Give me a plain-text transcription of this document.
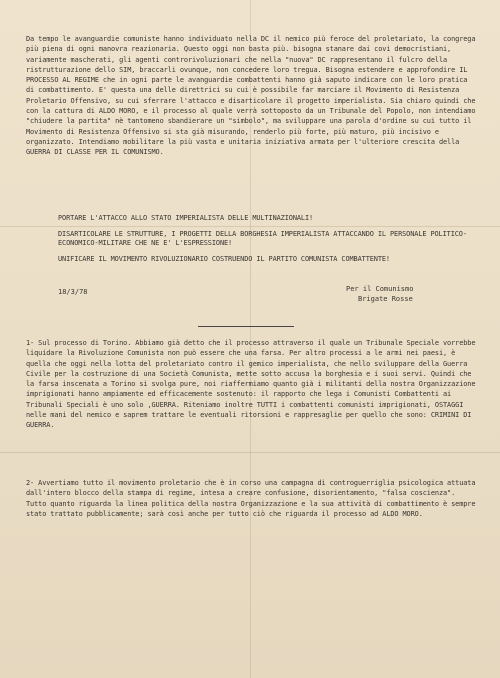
Da tempo le avanguardie comuniste hanno individuato nella DC il nemico più feroce del proletariato, la congrega più piena di ogni manovra reazionaria. Questo oggi non basta più. bisogna stanare dai covi democristiani, variamente mascherati, gli agenti controrivoluzionari che nella "nuova" DC rappresentano il fulcro della ristrutturazione dello SIM, braccarli ovunque, non concedere loro tregua. Bisogna estendere e approfondire IL PROCESSO AL REGIME che in ogni parte le avanguardie combattenti hanno già saputo indicare con le loro pratica di combattimento. E' questa una delle direttrici su cui è possibile far marciare il Movimento di Resistenza Proletario Offensivo, su cui sferrare l'attacco e disarticolare il progetto imperialista. Sia chiaro quindi che con la cattura di ALDO MORO, e il processo al quale verrà sottoposto da un Tribunale del Popolo, non intendiamo "chiudere la partita" nè tantomeno sbandierare un "simbolo", ma sviluppare una parola d'ordine su cui tutto il Movimento di Resistenza Offensivo si sta già misurando, renderlo più forte, più maturo, più incisivo e organizzato. Intendiamo mobilitare la più vasta e unitaria iniziativa armata per l'ulteriore crescita della GUERRA DI CLASSE PER IL COMUNISMO.
PORTARE L'ATTACCO ALLO STATO IMPERIALISTA DELLE MULTINAZIONALI!
DISARTICOLARE LE STRUTTURE, I PROGETTI DELLA BORGHESIA IMPERIALISTA ATTACCANDO IL PERSONALE POLITICO-ECONOMICO-MILITARE CHE NE E' L'ESPRESSIONE!
UNIFICARE IL MOVIMENTO RIVOLUZIONARIO COSTRUENDO IL PARTITO COMUNISTA COMBATTENTE!
18/3/78	Per il Comunismo
Brigate Rosse
1- Sul processo di Torino. Abbiamo già detto che il processo attraverso il quale un Tribunale Speciale vorrebbe liquidare la Rivoluzione Comunista non può essere che una farsa. Per altro processi a le armi nei paesi, è quella che oggi nella lotta del proletariato contro il gemico imperialista, che nello sviluppare della Guerra Civile per la costruzione di una Società Comunista, mette sotto accusa la borghesia e i suoi servi. Quindi che la farsa inscenata a Torino si svolga pure, noi riaffermiamo quanto già i militanti della nostra Organizzazione imprigionati hanno ampiamente ed efficacemente sostenuto: il rapporto che lega i Comunisti Combattenti ai Tribunali Speciali è uno solo ,GUERRA. Riteniamo inoltre TUTTI i combattenti comunisti imprigionati, OSTAGGI nelle mani del nemico e saprem trattare le eventuali ritorsioni e rappresaglie per quello che sono: CRIMINI DI GUERRA.
2- Avvertiamo tutto il movimento proletario che è in corso una campagna di controguerriglia psicologica attuata dall'intero blocco della stampa di regime, intesa a creare confusione, disorientamento, "falsa coscienza". Tutto quanto riguarda la linea politica della nostra Organizzazione e la sua attività di combattimento è sempre stato trattato pubblicamente; sarà così anche per tutto ciò che riguarda il processo ad ALDO MORO.
